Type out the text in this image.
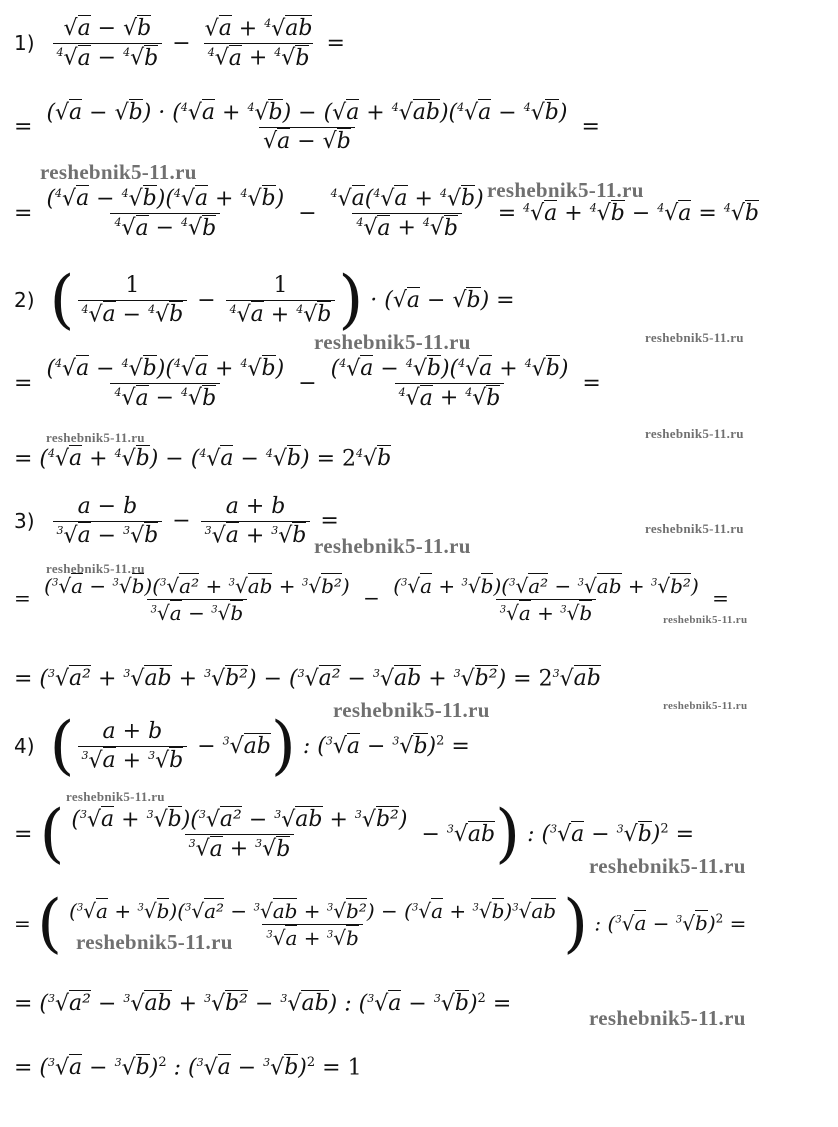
$1) \frac{√a - √b}{^4√a - ^4√b} - \frac{√a + ^4√ab}{^4√a + ^4√b}$ =
= $\frac{(√a - √b) \cdot (^4√a + ^4√b) - (√a + ^4√ab)(^4√a - ^4√b)}{√a - √b}$ =
= $\frac{(^4√a - ^4√b)(^4√a + ^4√b)}{^4√a - ^4√b} - \frac{^4√a(^4√a + ^4√b)}{^4√a + ^4√b} = ^4√a + ^4√b - ^4√a = ^4√b$
2) ( $\frac{1}{^4√a - ^4√b} - \frac{1}{^4√a + ^4√b}$ ) · (√a − √b) =
= $\frac{(^4√a - ^4√b)(^4√a + ^4√b)}{^4√a - ^4√b} - \frac{(^4√a - ^4√b)(^4√a + ^4√b)}{^4√a + ^4√b}$ =
= $(^4√a + ^4√b) - (^4√a - ^4√b) = 2^4√b$
$3) \frac{a - b}{^3√a - ^3√b} - \frac{a + b}{^3√a + ^3√b}$ =
= $\frac{(^3√a - ^3√b)(^3√a^2 + ^3√ab + ^3√b^2)}{^3√a - ^3√b} - \frac{(^3√a + ^3√b)(^3√a^2 - ^3√ab + ^3√b^2)}{^3√a + ^3√b}$ =
= $(^3√a^2 + ^3√ab + ^3√b^2) - (^3√a^2 - ^3√ab + ^3√b^2) = 2^3√ab$
4) ( $\frac{a + b}{^3√a + ^3√b} - ^3√ab$) : $(^3√a - ^3√b)^2$ =
= ( $\frac{(^3√a + ^3√b)(^3√a^2 - ^3√ab + ^3√b^2)}{^3√a + ^3√b} - ^3√ab$) : $(^3√a - ^3√b)^2$ =
= ( $\frac{(^3√a + ^3√b)(^3√a^2 - ^3√ab + ^3√b^2) - (^3√a + ^3√b)^3√ab}{^3√a + ^3√b}$ ) : $(^3√a - ^3√b)^2$ =
= ($^3$√a² − $^3$√ab + $^3$√b² − $^3$√ab) : $(^3√a - ^3√b)^2$ =
= $(^3√a - ^3√b)^2$ : $(^3√a - ^3√b)^2 = 1$
reshebnik5-11.ru
reshebnik5-11.ru
reshebnik5-11.ru	reshebnik5-11.ru
reshebnik5-11.ru	reshebnik5-11.ru
reshebnik5-11.ru
reshebnik5-11.ru
reshebnik5-11.ru
reshebnik5-11.ru
reshebnik5-11.ru	reshebnik5-11.ru
reshebnik5-11.ru
reshebnik5-11.ru
reshebnik5-11.ru
reshebnik5-11.ru
